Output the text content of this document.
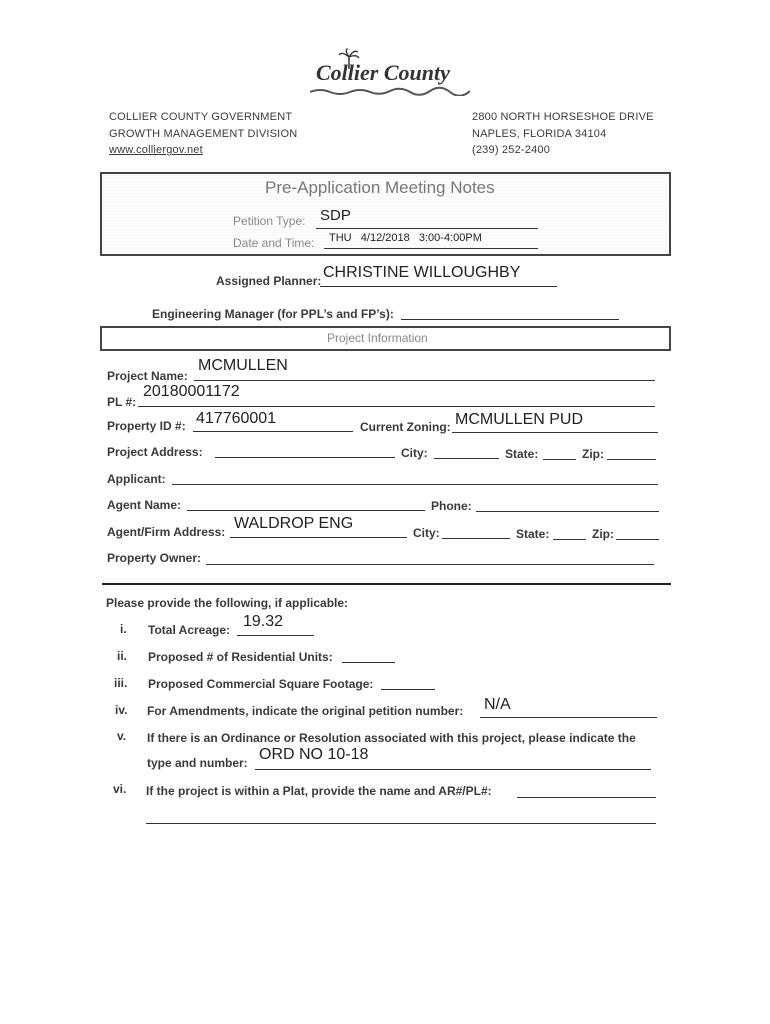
Collier County
COLLIER COUNTY GOVERNMENT
GROWTH MANAGEMENT DIVISION
www.colliergov.net
2800 NORTH HORSESHOE DRIVE
NAPLES, FLORIDA 34104
(239) 252-2400
Pre-Application Meeting Notes
Petition Type: SDP
Date and Time: THU   4/12/2018   3:00-4:00PM
Assigned Planner: CHRISTINE WILLOUGHBY
Engineering Manager (for PPL’s and FP’s):
Project Information
Project Name:
MCMULLEN
PL #:
20180001172
Property ID #: 417760001	Current Zoning: MCMULLEN PUD
Project Address:	City:	State:	Zip:
Applicant:
Agent Name:	Phone:
Agent/Firm Address: WALDROP ENG
City:	State:	Zip:
Property Owner:
Please provide the following, if applicable:
i. Total Acreage: 19.32
ii. Proposed # of Residential Units:
iii. Proposed Commercial Square Footage:
iv. For Amendments, indicate the original petition number: N/A
v. If there is an Ordinance or Resolution associated with this project, please indicate the
type and number: ORD NO 10-18
vi. If the project is within a Plat, provide the name and AR#/PL#:
